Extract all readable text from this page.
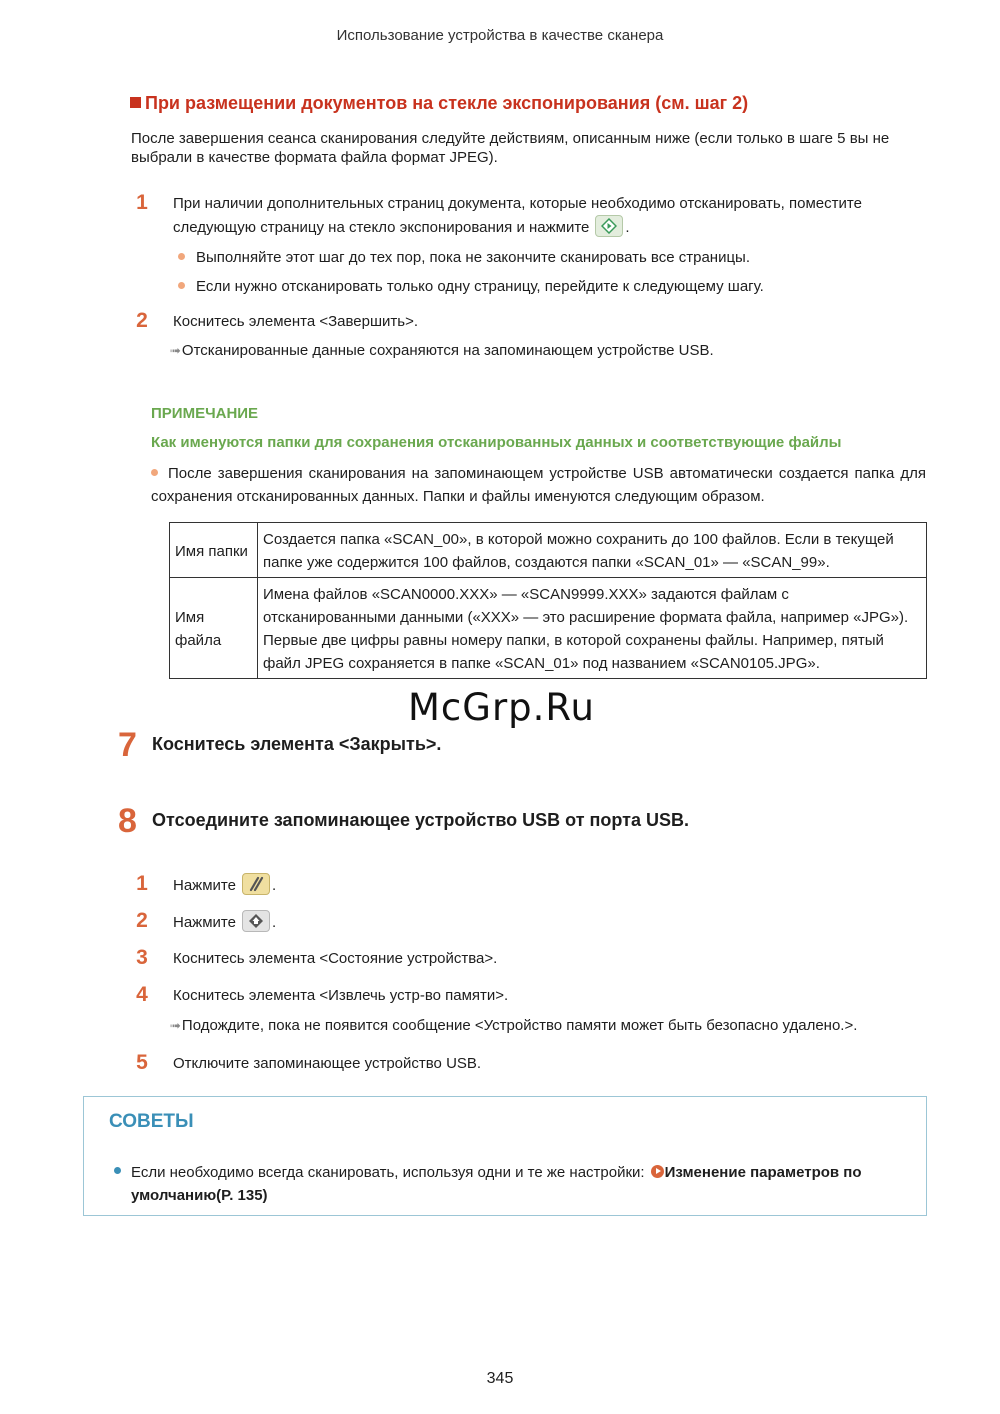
Использование устройства в качестве сканера
При размещении документов на стекле экспонирования (см. шаг 2)
После завершения сеанса сканирования следуйте действиям, описанным ниже (если только в шаге 5 вы не выбрали в качестве формата файла формат JPEG).
1	При наличии дополнительных страниц документа, которые необходимо отсканировать, поместите следующую страницу на стекло экспонирования и нажмите .
Выполняйте этот шаг до тех пор, пока не закончите сканировать все страницы.
Если нужно отсканировать только одну страницу, перейдите к следующему шагу.
2	Коснитесь элемента <Завершить>.
➟ Отсканированные данные сохраняются на запоминающем устройстве USB.
ПРИМЕЧАНИЕ
Как именуются папки для сохранения отсканированных данных и соответствующие файлы
После завершения сканирования на запоминающем устройстве USB автоматически создается папка для сохранения отсканированных данных. Папки и файлы именуются следующим образом.
Имя папки	Создается папка «SCAN_00», в которой можно сохранить до 100 файлов. Если в текущей папке уже содержится 100 файлов, создаются папки «SCAN_01» — «SCAN_99».
Имя файла	Имена файлов «SCAN0000.XXX» — «SCAN9999.XXX» задаются файлам с отсканированными данными («XXX» — это расширение формата файла, например «JPG»). Первые две цифры равны номеру папки, в которой сохранены файлы. Например, пятый файл JPEG сохраняется в папке «SCAN_01» под названием «SCAN0105.JPG».
McGrp.Ru
7 Коснитесь элемента <Закрыть>.
8 Отсоедините запоминающее устройство USB от порта USB.
1	Нажмите .
2	Нажмите .
3	Коснитесь элемента <Состояние устройства>.
4	Коснитесь элемента <Извлечь устр-во памяти>.
➟ Подождите, пока не появится сообщение <Устройство памяти может быть безопасно удалено.>.
5	Отключите запоминающее устройство USB.
СОВЕТЫ
Если необходимо всегда сканировать, используя одни и те же настройки: Изменение параметров по умолчанию(P. 135)
345
